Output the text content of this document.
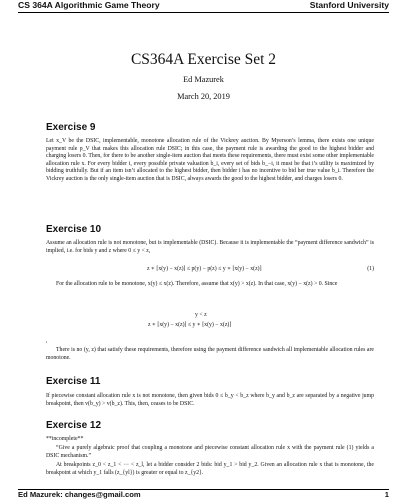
CS 364A Algorithmic Game Theory	Stanford University
CS364A Exercise Set 2
Ed Mazurek
March 20, 2019
Exercise 9
Let x_V be the DSIC, implementable, monotone allocation rule of the Vickrey auction. By Myerson’s lemma, there exists one unique payment rule p_V that makes this allocation rule DSIC; in this case, the payment rule is awarding the good to the highest bidder and charging losers 0. Then, for there to be another single-item auction that meets these requirements, there must exist some other implementable allocation rule x. For every bidder i, every possible private valuation b_i, every set of bids b_−i, it must be that i’s utility is maximized by bidding truthfully. But if an item isn’t allocated to the highest bidder, then bidder i has no incentive to bid her true value b_i. Therefore the Vickrey auction is the only single-item auction that is DSIC, always awards the good to the highest bidder, and charges losers 0.
Exercise 10
Assume an allocation rule is not monotone, but is implementable (DSIC). Because it is implementable the “payment difference sandwich” is implied, i.e. for bids y and z where 0 ≤ y < z,
z ∗ [x(y) − x(z)] ≤ p(y) − p(z) ≤ y ∗ [x(y) − x(z)]	(1)
For the allocation rule to be monotone, x(y) ≤ x(z). Therefore, assume that x(y) > x(z). In that case, x(y) − x(z) > 0. Since
y < z
z ∗ [x(y) − x(z)] ≤ y ∗ [x(y) − x(z)]
,
There is no (y, z) that satisfy these requirements, therefore using the payment difference sandwich all implementable allocation rules are monotone.
Exercise 11
If piecewise constant allocation rule x is not monotone, then given bids 0 ≤ b_y < b_z where b_y and b_z are separated by a negative jump breakpoint, then v(b_y) > v(b_z). This, then, ceases to be DSIC.
Exercise 12
**incomplete**
“Give a purely algebraic proof that coupling a monotone and piecewise constant allocation rule x with the payment rule (1) yields a DSIC mechanism.”
At breakpoints z_0 < z_1 < ··· < z_l, let a bidder consider 2 bids: bid y_1 > bid y_2. Given an allocation rule x that is monotone, the breakpoint at which y_1 falls (z_{yl}) is greater or equal to z_{y2}.
Ed Mazurek: changes@gmail.com	1
